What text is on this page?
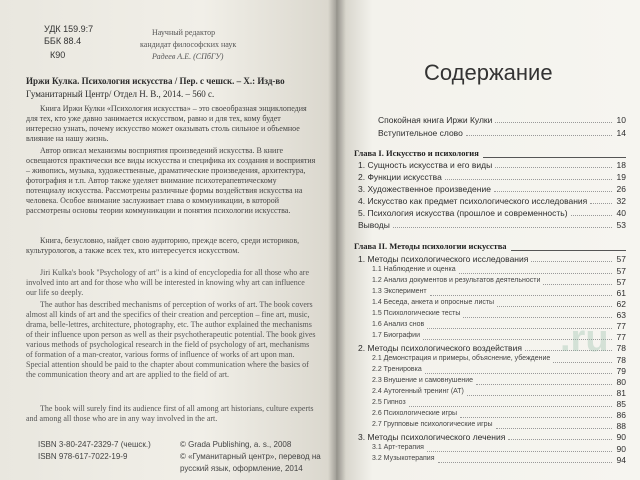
УДК 159.9:7
ББК 88.4
К90
Научный редактор
кандидат философских наук
Радеев А.Е. (СПбГУ)
Иржи Кулка. Психология искусства / Пер. с чешск. – Х.: Изд-во
Гуманитарный Центр/ Отдел Н. В., 2014. – 560 с.
Книга Иржи Кулки «Психология искусства» – это своеобразная энциклопедия для тех, кто уже давно занимается искусством, равно и для тех, кому будет интересно узнать, почему искусство может оказывать столь сильное и объемное влияние на нашу жизнь.
Автор описал механизмы восприятия произведений искусства. В книге освещаются практически все виды искусства и специфика их создания и восприятия – живопись, музыка, художественные, драматические произведения, архитектура, фотография и т.п. Автор также уделяет внимание психотерапевтическому потенциалу искусства. Рассмотрены различные формы воздействия искусства на человека. Особое внимание заслуживает глава о коммуникации, в которой рассмотрены основы теории коммуникации и понятия психологии искусства.
Книга, безусловно, найдет свою аудиторию, прежде всего, среди историков, культурологов, а также всех тех, кто интересуется искусством.
Jiri Kulka's book "Psychology of art" is a kind of encyclopedia for all those who are involved into art and for those who will be interested in knowing why art can influence our life so deeply.
The author has described mechanisms of perception of works of art. The book covers almost all kinds of art and the specifics of their creation and perception – fine art, music, drama, belle-lettres, architecture, photography, etc. The author explained the mechanisms of their influence upon person as well as their psychotherapeutic potential. The book gives various methods of psychological research in the field of psychology of art, mechanisms of formation of a man-creator, various forms of influence of works of art upon man. Special attention should be paid to the chapter about communication where the basics of the communication theory and art are applied to the field of art.
The book will surely find its audience first of all among art historians, culture experts and among all those who are in any way involved in the art.
ISBN 3-80-247-2329-7 (чешск.)
ISBN 978-617-7022-19-9
© Grada Publishing, a. s., 2008
© «Гуманитарный центр», перевод на
русский язык, оформление, 2014
Содержание
Спокойная книга Иржи Кулки	10
Вступительное слово	14
Глава I. Искусство и психология
1. Сущность искусства и его виды	18
2. Функции искусства	19
3. Художественное произведение	26
4. Искусство как предмет психологического исследования	32
5. Психология искусства (прошлое и современность)	40
Выводы	53
Глава II. Методы психологии искусства
1. Методы психологического исследования	57
1.1 Наблюдение и оценка	57
1.2 Анализ документов и результатов деятельности	57
1.3 Эксперимент	61
1.4 Беседа, анкета и опросные листы	62
1.5 Психологические тесты	63
1.6 Анализ снов	77
1.7 Биографии	77
2. Методы психологического воздействия	78
2.1 Демонстрация и примеры, объяснение, убеждение	78
2.2 Тренировка	79
2.3 Внушение и самовнушение	80
2.4 Аутогенный тренинг (АТ)	81
2.5 Гипноз	85
2.6 Психологические игры	86
2.7 Групповые психологические игры	88
3. Методы психологического лечения	90
3.1 Арт-терапия	90
3.2 Музыкотерапия	94
.ru
